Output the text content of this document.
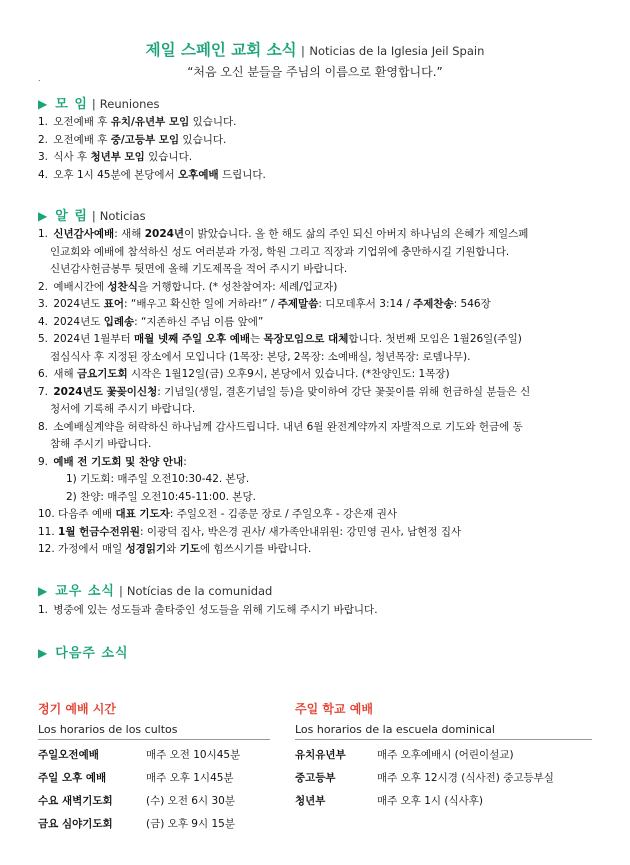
제일 스페인 교회 소식 | Noticias de la Iglesia Jeil Spain
“처음 오신 분들을 주님의 이름으로 환영합니다.”
.
▶ 모 임 | Reuniones
1. 오전예배 후 유치/유년부 모임 있습니다.
2. 오전예배 후 중/고등부 모임 있습니다.
3. 식사 후 청년부 모임 있습니다.
4. 오후 1시 45분에 본당에서 오후예배 드립니다.
▶ 알 림 | Noticias
1. 신년감사예배: 새해 2024년이 밝았습니다. 올 한 해도 삶의 주인 되신 아버지 하나님의 은혜가 제일스페
인교회와 예배에 참석하신 성도 여러분과 가정, 학원 그리고 직장과 기업위에 충만하시길 기원합니다.
신년감사헌금봉투 뒷면에 올해 기도제목을 적어 주시기 바랍니다.
2. 예배시간에 성찬식을 거행합니다. (* 성찬참여자: 세례/입교자)
3. 2024년도 표어: “배우고 확신한 일에 거하라!” / 주제말씀: 디모데후서 3:14 / 주제찬송: 546장
4. 2024년도 입례송: “지존하신 주님 이름 앞에”
5. 2024년 1월부터 매월 넷째 주일 오후 예배는 목장모임으로 대체합니다. 첫번째 모임은 1월26일(주일)
점심식사 후 지정된 장소에서 모입니다 (1목장: 본당, 2목장: 소예배실, 청년목장: 로뎀나무).
6. 새해 금요기도회 시작은 1월12일(금) 오후9시, 본당에서 있습니다. (*찬양인도: 1목장)
7. 2024년도 꽃꽂이신청: 기념일(생일, 결혼기념일 등)을 맞이하여 강단 꽃꽂이를 위해 헌금하실 분들은 신
청서에 기록해 주시기 바랍니다.
8. 소예배실계약을 허락하신 하나님께 감사드립니다. 내년 6월 완전계약까지 자발적으로 기도와 헌금에 동
참해 주시기 바랍니다.
9. 예배 전 기도회 및 찬양 안내:
1) 기도회: 매주일 오전10:30-42. 본당.
2) 찬양: 매주일 오전10:45-11:00. 본당.
10. 다음주 예배 대표 기도자: 주일오전 - 김종문 장로 / 주일오후 - 강은재 권사
11. 1월 헌금수전위원: 이광덕 집사, 박은경 권사/ 새가족안내위원: 강민영 권사, 남현정 집사
12. 가정에서 매일 성경읽기와 기도에 힘쓰시기를 바랍니다.
▶ 교우 소식 | Notícias de la comunidad
1. 병중에 있는 성도들과 출타중인 성도들을 위해 기도해 주시기 바랍니다.
▶ 다음주 소식
정기 예배 시간
Los horarios de los cultos
주일오전예배	매주 오전 10시45분
주일 오후 예배	매주 오후 1시45분
수요 새벽기도회	(수) 오전 6시 30분
금요 심야기도회	(금) 오후 9시 15분
주일 학교 예배
Los horarios de la escuela dominical
유치유년부	매주 오후예배시 (어린이설교)
중고등부	매주 오후 12시경 (식사전) 중고등부실
청년부	매주 오후 1시 (식사후)
